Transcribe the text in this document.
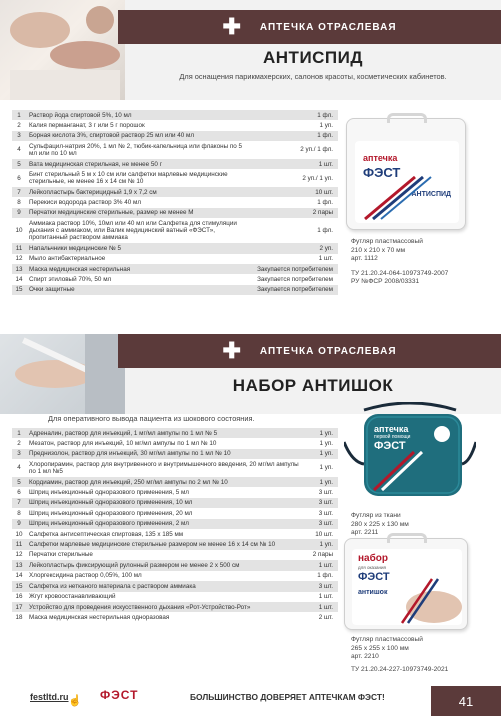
✚ АПТЕЧКА ОТРАСЛЕВАЯ
АНТИСПИД
Для оснащения парикмахерских, салонов красоты, косметических кабинетов.
1	Раствор йода спиртовой 5%, 10 мл	1 фл.
2	Калия перманганат, 3 г или 5 г порошок	1 уп.
3	Борная кислота 3%, спиртовой раствор 25 мл или 40 мл	1 фл.
4	Сульфацил-натрия 20%, 1 мл № 2, тюбик-капельница или флаконы по 5 мл или по 10 мл	2 уп./ 1 фл.
5	Вата медицинская стерильная, не менее 50 г	1 шт.
6	Бинт стерильный 5 м х 10 см или салфетки марлевые медицинские стерильные, не менее 16 х 14 см № 10	2 уп./ 1 уп.
7	Лейкопластырь бактерицидный 1,9 х 7,2 см	10 шт.
8	Перекиси водорода раствор 3% 40 мл	1 фл.
9	Перчатки медицинские стерильные, размер не менее М	2 пары
10	Аммиака раствор 10%, 10мл или 40 мл или Салфетка для стимуляции дыхания с аммиаком, или Валик медицинский ватный «ФЭСТ», пропитанный раствором аммиака	1 фл.
11	Напальчники медицинские № 5	2 уп.
12	Мыло антибактериальное	1 шт.
13	Маска медицинская нестерильная	Закупается потребителем
14	Спирт этиловый 70%, 50 мл	Закупается потребителем
15	Очки защитные	Закупается потребителем
аптечка
ФЭСТ
АНТИСПИД
Футляр пластмассовый
210 х 210 х 70 мм
арт. 1112
ТУ 21.20.24-064-10973749-2007
РУ №ФСР 2008/03331
✚ АПТЕЧКА ОТРАСЛЕВАЯ
НАБОР АНТИШОК
Для оперативного вывода пациента из шокового состояния.
1	Адреналин, раствор для инъекций, 1 мг/мл ампулы по 1 мл № 5	1 уп.
2	Мезатон, раствор для инъекций, 10 мг/мл ампулы по 1 мл № 10	1 уп.
3	Преднизолон, раствор для инъекций, 30 мг/мл ампулы по 1 мл № 10	1 уп.
4	Хлоропирамин, раствор для внутривенного и внутримышечного введения, 20 мг/мл ампулы по 1 мл №5	1 уп.
5	Кордиамин, раствор для инъекций, 250 мг/мл ампулы по 2 мл № 10	1 уп.
6	Шприц инъекционный одноразового применения, 5 мл	3 шт.
7	Шприц инъекционный одноразового применения, 10 мл	3 шт.
8	Шприц инъекционный одноразового применения, 20 мл	3 шт.
9	Шприц инъекционный одноразового применения, 2 мл	3 шт.
10	Салфетка антисептическая спиртовая, 135 х 185 мм	10 шт.
11	Салфетки марлевые медицинские стерильные размером не менее 16 х 14 см № 10	1 уп.
12	Перчатки стерильные	2 пары
13	Лейкопластырь фиксирующий рулонный размером не менее 2 х 500 см	1 шт.
14	Хлоргексидина раствор 0,05%, 100 мл	1 фл.
15	Салфетка из нетканого материала с раствором аммиака	3 шт.
16	Жгут кровоостанавливающий	1 шт.
17	Устройство для проведения искусственного дыхания «Рот-Устройство-Рот»	1 шт.
18	Маска медицинская нестерильная одноразовая	2 шт.
аптечка
первой помощи
ФЭСТ
Футляр из ткани
280 х 225 х 130 мм
арт. 2211
набор
для оказания
ФЭСТ
антишок
Футляр пластмассовый
265 х 255 х 100 мм
арт. 2210
ТУ 21.20.24-227-10973749-2021
festltd.ru ☝ ФЭСТ	БОЛЬШИНСТВО ДОВЕРЯЕТ АПТЕЧКАМ ФЭСТ!	41
